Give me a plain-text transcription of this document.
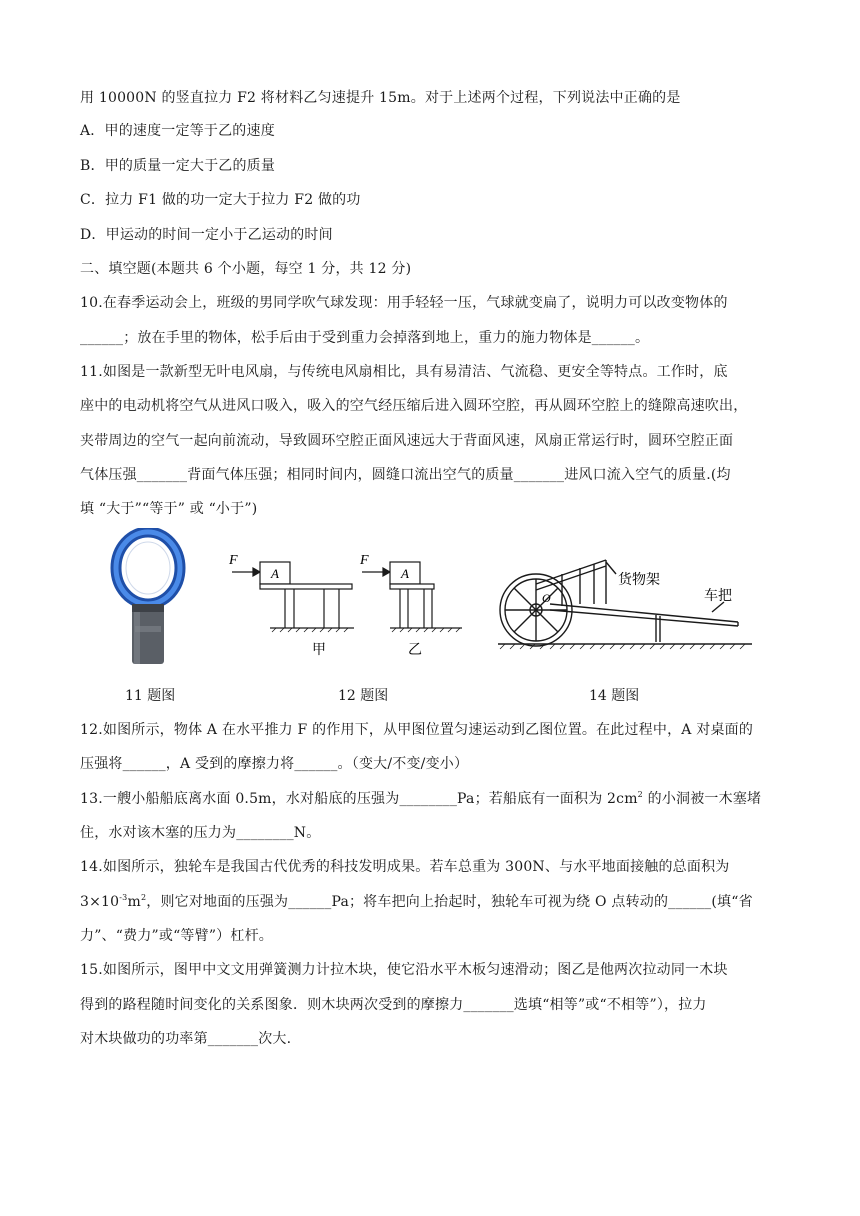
用 10000N 的竖直拉力 F2 将材料乙匀速提升 15m。对于上述两个过程，下列说法中正确的是
A．甲的速度一定等于乙的速度
B．甲的质量一定大于乙的质量
C．拉力 F1 做的功一定大于拉力 F2 做的功
D．甲运动的时间一定小于乙运动的时间
二、填空题(本题共 6 个小题，每空 1 分，共 12 分)
10.在春季运动会上，班级的男同学吹气球发现：用手轻轻一压，气球就变扁了，说明力可以改变物体的
______；放在手里的物体，松手后由于受到重力会掉落到地上，重力的施力物体是______。
11.如图是一款新型无叶电风扇，与传统电风扇相比，具有易清洁、气流稳、更安全等特点。工作时，底
座中的电动机将空气从进风口吸入，吸入的空气经压缩后进入圆环空腔，再从圆环空腔上的缝隙高速吹出，
夹带周边的空气一起向前流动，导致圆环空腔正面风速远大于背面风速，风扇正常运行时，圆环空腔正面
气体压强_______背面气体压强；相同时间内，圆缝口流出空气的质量_______进风口流入空气的质量.(均
填 “大于”“等于” 或 “小于”)
F
A
F
A
甲	乙
O
货物架
车把
11 题图	12 题图	14 题图
12.如图所示，物体 A 在水平推力 F 的作用下，从甲图位置匀速运动到乙图位置。在此过程中，A 对桌面的
压强将______，A 受到的摩擦力将______。（变大/不变/变小）
13.一艘小船船底离水面 0.5m，水对船底的压强为________Pa；若船底有一面积为 $2cm^2$ 的小洞被一木塞堵
住，水对该木塞的压力为________N。
14.如图所示，独轮车是我国古代优秀的科技发明成果。若车总重为 300N、与水平地面接触的总面积为
$3\times 10^{-3}m^2$，则它对地面的压强为______Pa；将车把向上抬起时，独轮车可视为绕 O 点转动的______(填“省
力”、“费力”或“等臂”）杠杆。
15.如图所示，图甲中文文用弹簧测力计拉木块，使它沿水平木板匀速滑动；图乙是他两次拉动同一木块
得到的路程随时间变化的关系图象．则木块两次受到的摩擦力_______选填“相等”或“不相等”），拉力
对木块做功的功率第_______次大.
